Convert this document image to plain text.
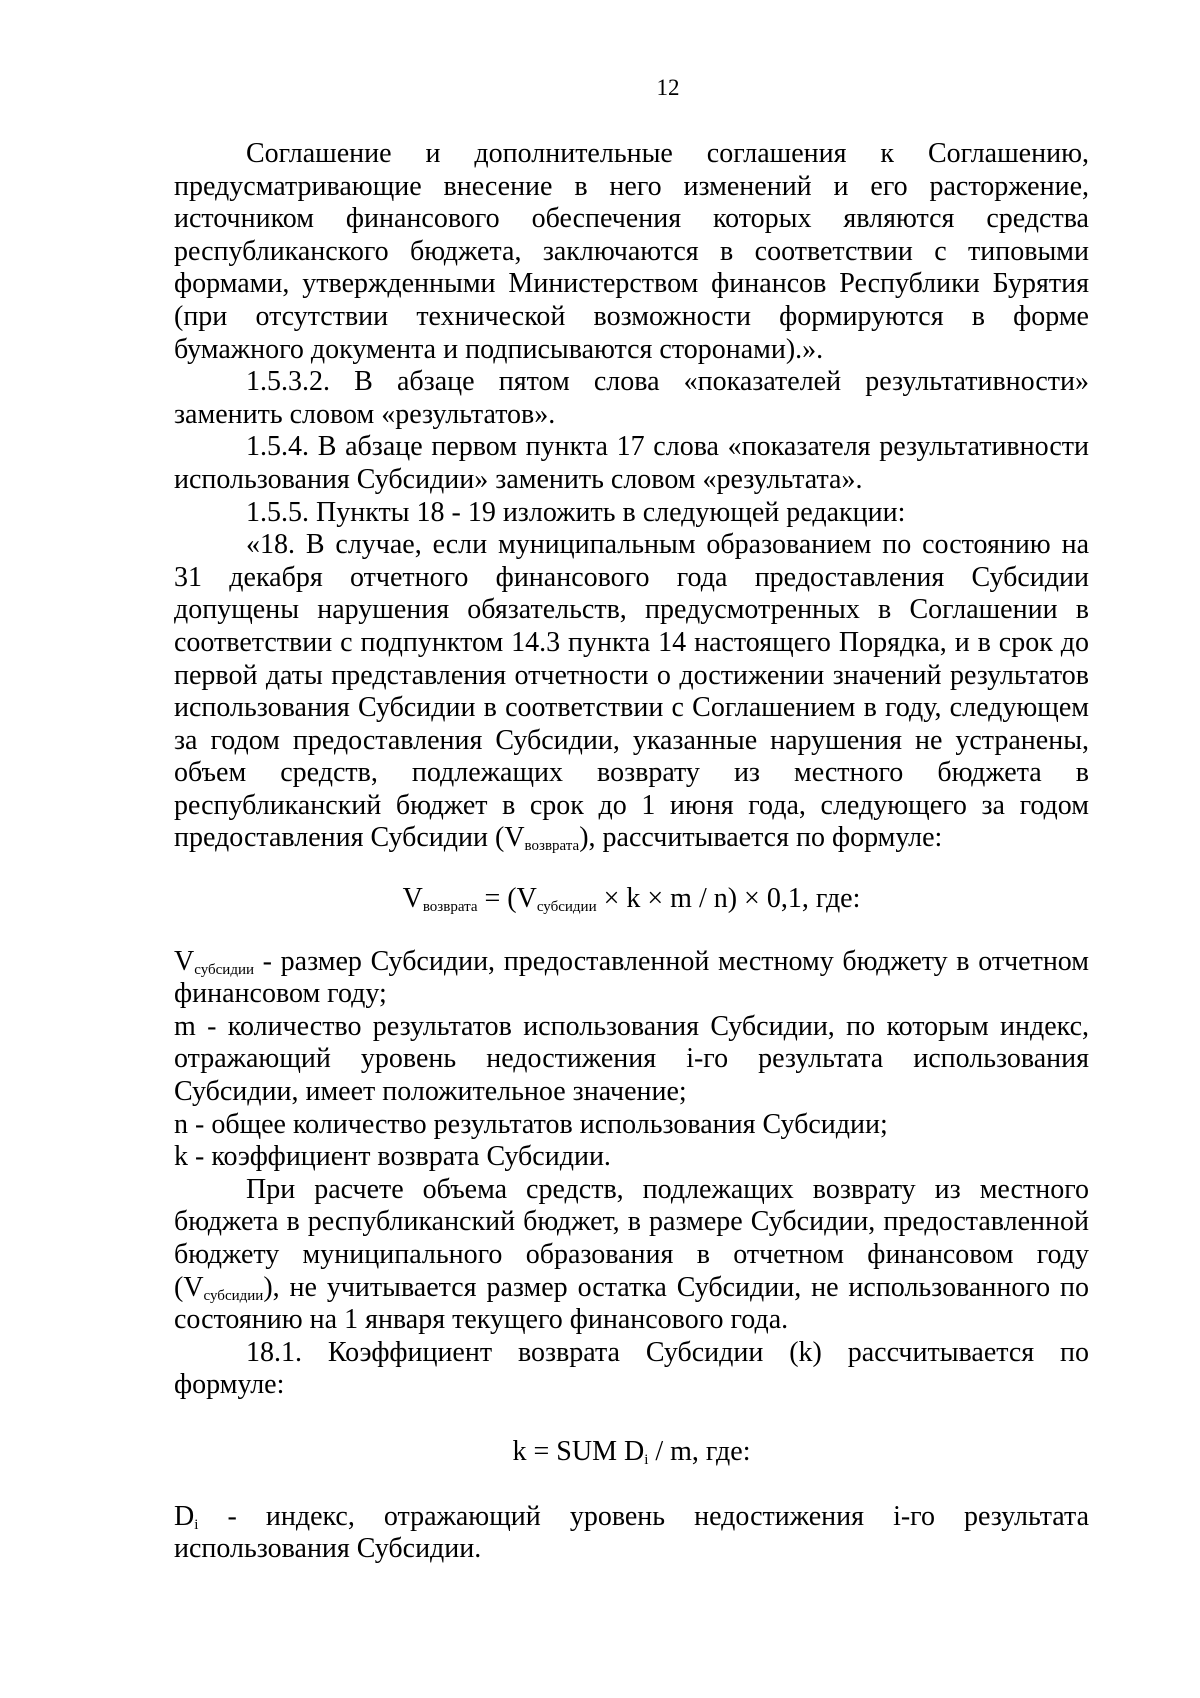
12

Соглашение и дополнительные соглашения к Соглашению, предусматривающие внесение в него изменений и его расторжение, источником финансового обеспечения которых являются средства республиканского бюджета, заключаются в соответствии с типовыми формами, утвержденными Министерством финансов Республики Бурятия (при отсутствии технической возможности формируются в форме бумажного документа и подписываются сторонами).».

1.5.3.2. В абзаце пятом слова «показателей результативности» заменить словом «результатов».

1.5.4. В абзаце первом пункта 17 слова «показателя результативности использования Субсидии» заменить словом «результата».

1.5.5. Пункты 18 - 19 изложить в следующей редакции:

«18. В случае, если муниципальным образованием по состоянию на 31 декабря отчетного финансового года предоставления Субсидии допущены нарушения обязательств, предусмотренных в Соглашении в соответствии с подпунктом 14.3 пункта 14 настоящего Порядка, и в срок до первой даты представления отчетности о достижении значений результатов использования Субсидии в соответствии с Соглашением в году, следующем за годом предоставления Субсидии, указанные нарушения не устранены, объем средств, подлежащих возврату из местного бюджета в республиканский бюджет в срок до 1 июня года, следующего за годом предоставления Субсидии $(V_{возврата})$, рассчитывается по формуле:

$V_{возврата} = (V_{субсидии} \times k \times m / n) \times 0,1$, где:

$V_{субсидии}$ - размер Субсидии, предоставленной местному бюджету в отчетном финансовом году;

m - количество результатов использования Субсидии, по которым индекс, отражающий уровень недостижения i-го результата использования Субсидии, имеет положительное значение;

n - общее количество результатов использования Субсидии;

k - коэффициент возврата Субсидии.

При расчете объема средств, подлежащих возврату из местного бюджета в республиканский бюджет, в размере Субсидии, предоставленной бюджету муниципального образования в отчетном финансовом году $(V_{субсидии})$, не учитывается размер остатка Субсидии, не использованного по состоянию на 1 января текущего финансового года.

18.1. Коэффициент возврата Субсидии (k) рассчитывается по формуле:

k = SUM $D_i$ / m, где:

$D_i$ - индекс, отражающий уровень недостижения i-го результата использования Субсидии.
